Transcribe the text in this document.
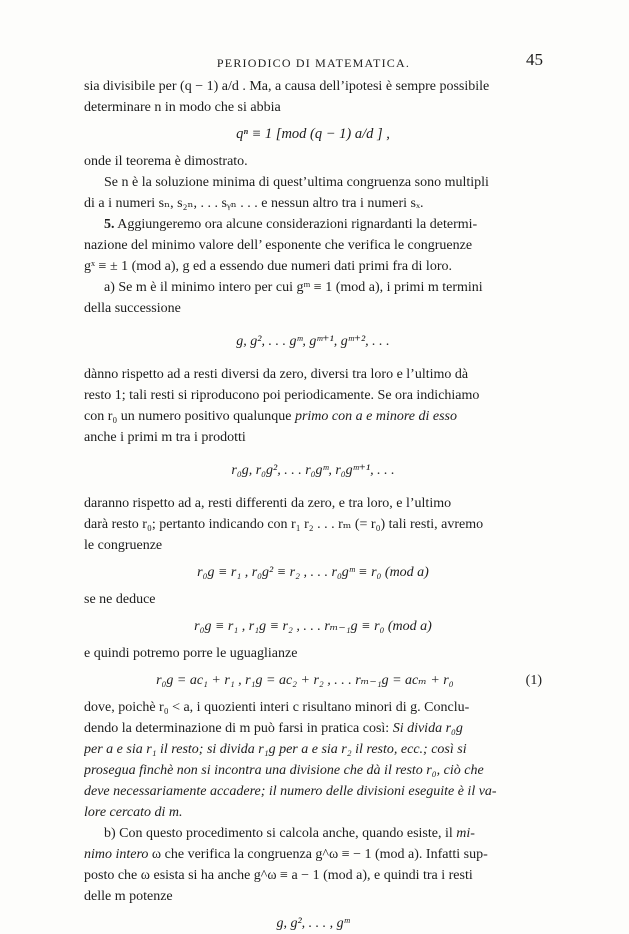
PERIODICO DI MATEMATICA.	45

sia divisibile per (q − 1) a/d . Ma, a causa dell’ipotesi è sempre possibile

determinare n in modo che si abbia

qⁿ ≡ 1 [mod (q − 1) a/d ] ,

onde il teorema è dimostrato.

Se n è la soluzione minima di quest’ultima congruenza sono multipli

di a i numeri sₙ, s₂ₙ, . . . sᵧₙ . . . e nessun altro tra i numeri sₓ.

5. Aggiungeremo ora alcune considerazioni rignardanti la determi-

nazione del minimo valore dell’ esponente che verifica le congruenze

gˣ ≡ ± 1 (mod a), g ed a essendo due numeri dati primi fra di loro.

a) Se m è il minimo intero per cui gᵐ ≡ 1 (mod a), i primi m termini

della successione

g, g², . . . gᵐ, gᵐ⁺¹, gᵐ⁺², . . .

dànno rispetto ad a resti diversi da zero, diversi tra loro e l’ultimo dà

resto 1; tali resti si riproducono poi periodicamente. Se ora indichiamo

con r₀ un numero positivo qualunque primo con a e minore di esso

anche i primi m tra i prodotti

r₀g, r₀g², . . . r₀gᵐ, r₀gᵐ⁺¹, . . .

daranno rispetto ad a, resti differenti da zero, e tra loro, e l’ultimo

darà resto r₀; pertanto indicando con r₁ r₂ . . . rₘ (= r₀) tali resti, avremo

le congruenze

r₀g ≡ r₁ , r₀g² ≡ r₂ , . . . r₀gᵐ ≡ r₀ (mod a)

se ne deduce

r₀g ≡ r₁ , r₁g ≡ r₂ , . . . rₘ₋₁g ≡ r₀ (mod a)

e quindi potremo porre le uguaglianze

(1)
r₀g = ac₁ + r₁ , r₁g = ac₂ + r₂ , . . . rₘ₋₁g = acₘ + r₀

dove, poichè r₀ < a, i quozienti interi c risultano minori di g. Conclu-

dendo la determinazione di m può farsi in pratica così: Si divida r₀g

per a e sia r₁ il resto; si divida r₁g per a e sia r₂ il resto, ecc.; così si

prosegua finchè non si incontra una divisione che dà il resto r₀, ciò che

deve necessariamente accadere; il numero delle divisioni eseguite è il va-

lore cercato di m.

b) Con questo procedimento si calcola anche, quando esiste, il mi-

nimo intero ω che verifica la congruenza g^ω ≡ − 1 (mod a). Infatti sup-

posto che ω esista si ha anche g^ω ≡ a − 1 (mod a), e quindi tra i resti

delle m potenze

g, g², . . . , gᵐ
